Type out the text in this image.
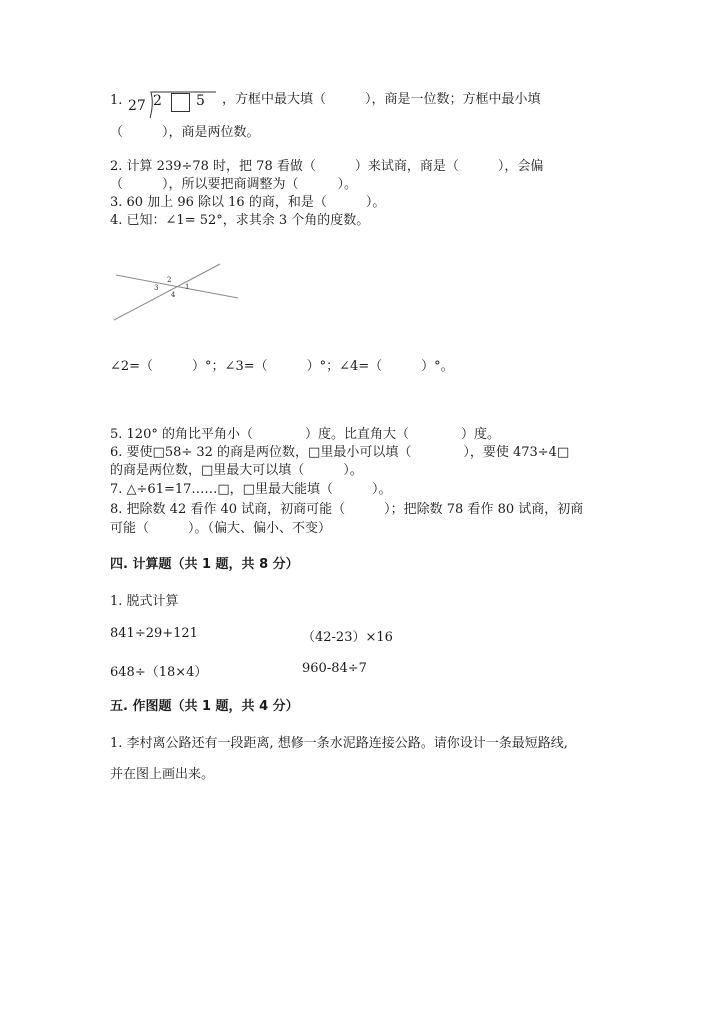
1. 27 2 5 ，方框中最大填（　　　），商是一位数；方框中最小填
（　　　），商是两位数。
2. 计算 239÷78 时，把 78 看做（　　　）来试商，商是（　　　），会偏
（　　　），所以要把商调整为（　　　）。
3. 60 加上 96 除以 16 的商，和是（　　　）。
4. 已知：∠1= 52°，求其余 3 个角的度数。
2
3	1
4
∠2=（　　　）°；∠3=（　　　）°；∠4=（　　　）°。
5. 120° 的角比平角小（　　　　）度。比直角大（　　　　）度。
6. 要使□58÷ 32 的商是两位数，□里最小可以填（　　　　），要使 473÷4□
的商是两位数，□里最大可以填（　　　）。
7. △÷61=17……□，□里最大能填（　　　）。
8. 把除数 42 看作 40 试商，初商可能（　　　）；把除数 78 看作 80 试商，初商
可能（　　　）。（偏大、偏小、不变）
四. 计算题（共 1 题，共 8 分）
1. 脱式计算
841÷29+121	（42-23）×16
648÷（18×4）	960-84÷7
五. 作图题（共 1 题，共 4 分）
1. 李村离公路还有一段距离, 想修一条水泥路连接公路。请你设计一条最短路线,
并在图上画出来。
